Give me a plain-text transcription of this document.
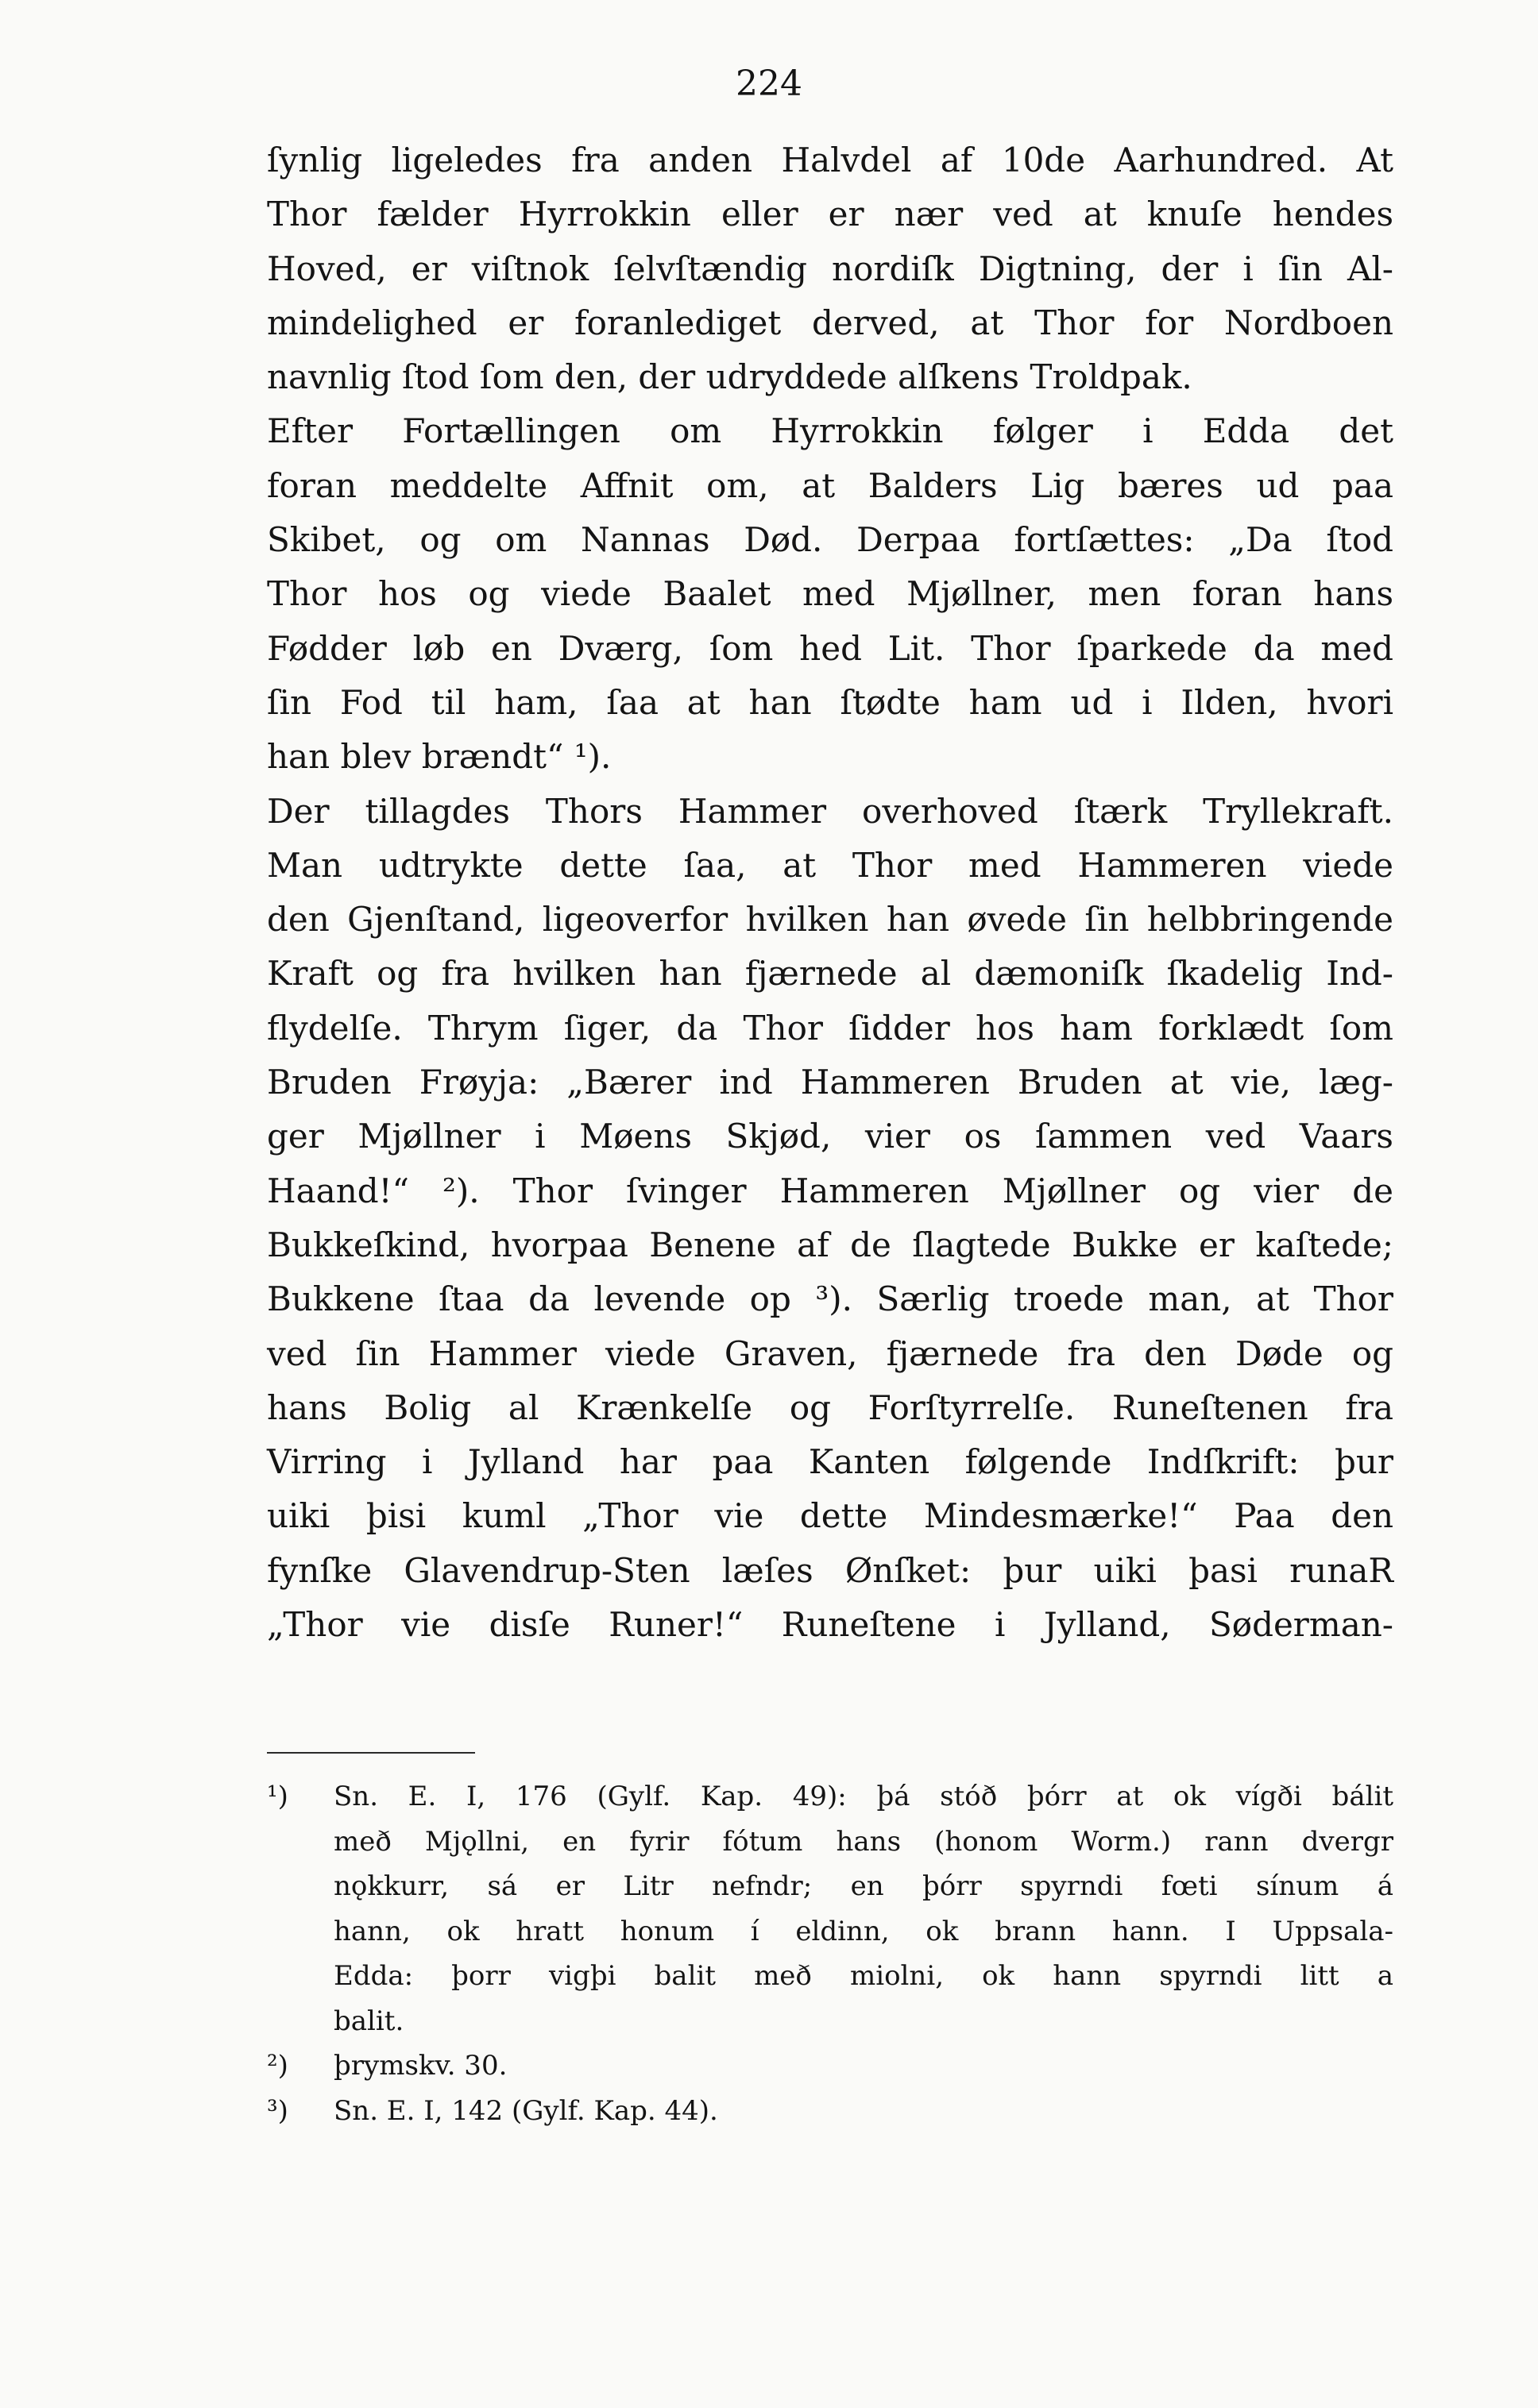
224
ſynlig ligeledes fra anden Halvdel af 10de Aarhundred. At
Thor fælder Hyrrokkin eller er nær ved at knuſe hendes
Hoved, er viſtnok ſelvſtændig nordiſk Digtning, der i ſin Al-
mindelighed er foranlediget derved, at Thor for Nordboen
navnlig ſtod ſom den, der udryddede alſkens Troldpak.
Efter Fortællingen om Hyrrokkin følger i Edda det
foran meddelte Affnit om, at Balders Lig bæres ud paa
Skibet, og om Nannas Død. Derpaa fortſættes: „Da ſtod
Thor hos og viede Baalet med Mjøllner, men foran hans
Fødder løb en Dværg, ſom hed Lit. Thor ſparkede da med
ſin Fod til ham, ſaa at han ſtødte ham ud i Ilden, hvori
han blev brændt“ ¹).
Der tillagdes Thors Hammer overhoved ſtærk Tryllekraft.
Man udtrykte dette ſaa, at Thor med Hammeren viede
den Gjenſtand, ligeoverfor hvilken han øvede ſin helbbringende
Kraft og fra hvilken han fjærnede al dæmoniſk ſkadelig Ind-
flydelſe. Thrym ſiger, da Thor ſidder hos ham forklædt ſom
Bruden Frøyja: „Bærer ind Hammeren Bruden at vie, læg-
ger Mjøllner i Møens Skjød, vier os ſammen ved Vaars
Haand!“ ²). Thor ſvinger Hammeren Mjøllner og vier de
Bukkeſkind, hvorpaa Benene af de ſlagtede Bukke er kaſtede;
Bukkene ſtaa da levende op ³). Særlig troede man, at Thor
ved ſin Hammer viede Graven, fjærnede fra den Døde og
hans Bolig al Krænkelſe og Forſtyrrelſe. Runeſtenen fra
Virring i Jylland har paa Kanten følgende Indſkrift: þur
uiki þisi kuml „Thor vie dette Mindesmærke!“ Paa den
fynſke Glavendrup-Sten læſes Ønſket: þur uiki þasi runaR
„Thor vie disſe Runer!“ Runeſtene i Jylland, Søderman-
¹)	Sn. E. I, 176 (Gylf. Kap. 49): þá stóð þórr at ok vígði bálit
með Mjǫllni, en fyrir fótum hans (honom Worm.) rann dvergr
nǫkkurr, sá er Litr nefndr; en þórr spyrndi fœti sínum á
hann, ok hratt honum í eldinn, ok brann hann. I Uppsala-
Edda: þorr vigþi balit með miolni, ok hann spyrndi litt a
balit.
²)	þrymskv. 30.
³)	Sn. E. I, 142 (Gylf. Kap. 44).
